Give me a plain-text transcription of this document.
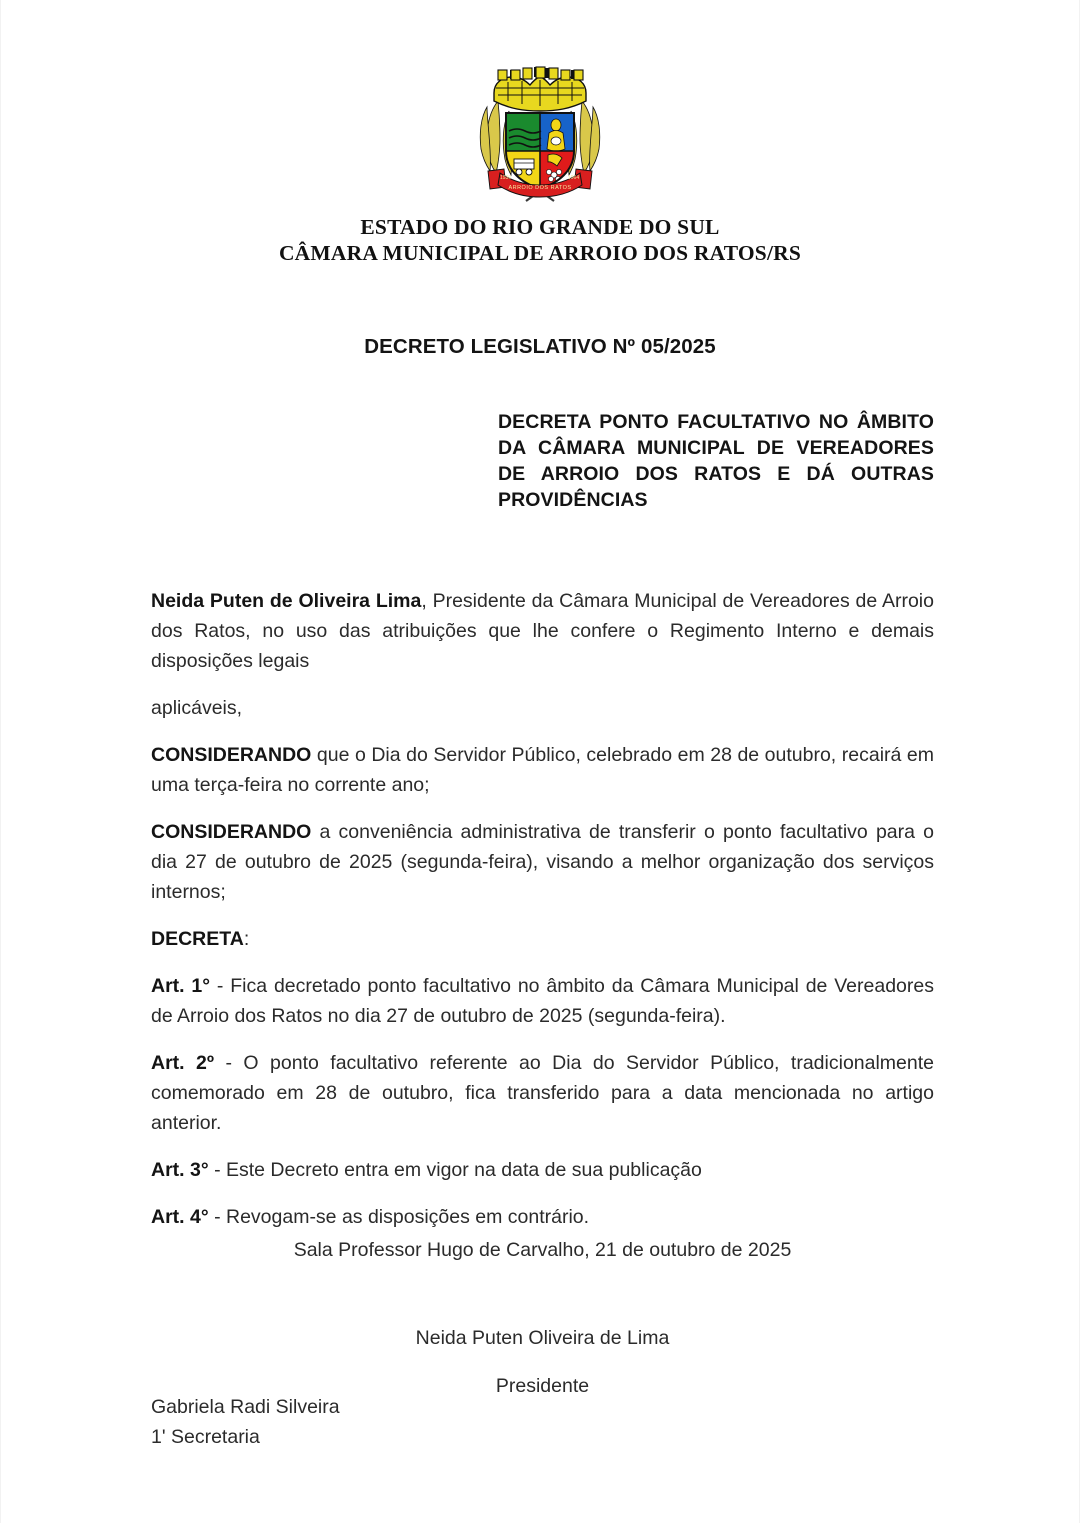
ARROIO DOS RATOS
1930	1964
ESTADO DO RIO GRANDE DO SUL
CÂMARA MUNICIPAL DE ARROIO DOS RATOS/RS
DECRETO LEGISLATIVO Nº 05/2025
DECRETA PONTO FACULTATIVO NO ÂMBITO DA CÂMARA MUNICIPAL DE VEREADORES DE ARROIO DOS RATOS E DÁ OUTRAS PROVIDÊNCIAS

Neida Puten de Oliveira Lima, Presidente da Câmara Municipal de Vereadores de Arroio dos Ratos, no uso das atribuições que lhe confere o Regimento Interno e demais disposições legais

aplicáveis,

CONSIDERANDO que o Dia do Servidor Público, celebrado em 28 de outubro, recairá em uma terça-feira no corrente ano;

CONSIDERANDO a conveniência administrativa de transferir o ponto facultativo para o dia 27 de outubro de 2025 (segunda-feira), visando a melhor organização dos serviços internos;

DECRETA:

Art. 1° - Fica decretado ponto facultativo no âmbito da Câmara Municipal de Vereadores de Arroio dos Ratos no dia 27 de outubro de 2025 (segunda-feira).

Art. 2º - O ponto facultativo referente ao Dia do Servidor Público, tradicionalmente comemorado em 28 de outubro, fica transferido para a data mencionada no artigo anterior.

Art. 3° - Este Decreto entra em vigor na data de sua publicação

Art. 4° - Revogam-se as disposições em contrário.

Sala Professor Hugo de Carvalho, 21 de outubro de 2025
Neida Puten Oliveira de Lima
Presidente
Gabriela Radi Silveira
1' Secretaria
